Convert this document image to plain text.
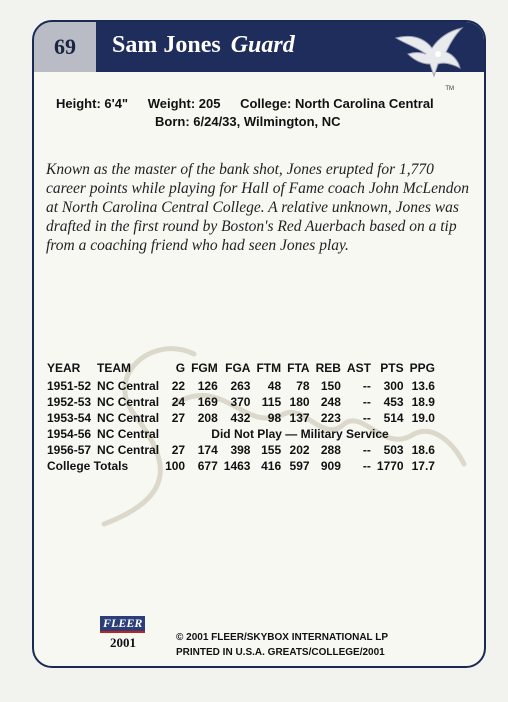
69	Sam Jones Guard
TM
Height: 6'4" Weight: 205 College: North Carolina Central
Born: 6/24/33, Wilmington, NC

Known as the master of the bank shot, Jones erupted for 1,770 career points while playing for Hall of Fame coach John McLendon at North Carolina Central College. A relative unknown, Jones was drafted in the first round by Boston's Red Auerbach based on a tip from a coaching friend who had seen Jones play.

YEAR	TEAM	G	FGM	FGA	FTM	FTA	REB	AST	PTS	PPG
1951-52	NC Central	22	126	263	48	78	150	--	300	13.6
1952-53	NC Central	24	169	370	115	180	248	--	453	18.9
1953-54	NC Central	27	208	432	98	137	223	--	514	19.0
1954-56	NC Central	Did Not Play — Military Service								
1956-57	NC Central	27	174	398	155	202	288	--	503	18.6
College Totals		100	677	1463	416	597	909	--	1770	17.7
FLEER
2001	© 2001 FLEER/SKYBOX INTERNATIONAL LP
PRINTED IN U.S.A. GREATS/COLLEGE/2001
